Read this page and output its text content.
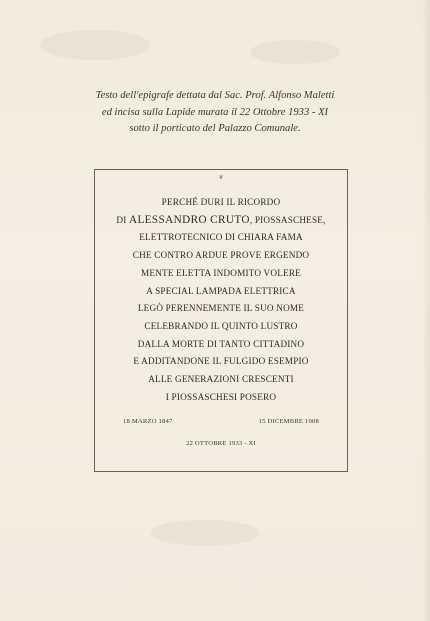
Testo dell'epigrafe dettata dal Sac. Prof. Alfonso Maletti
ed incisa sulla Lapide murata il 22 Ottobre 1933 - XI
sotto il porticato del Palazzo Comunale.
❦
PERCHÉ DURI IL RICORDO
DI ALESSANDRO CRUTO, PIOSSASCHESE,
ELETTROTECNICO DI CHIARA FAMA
CHE CONTRO ARDUE PROVE ERGENDO
MENTE ELETTA INDOMITO VOLERE
A SPECIAL LAMPADA ELETTRICA
LEGÒ PERENNEMENTE IL SUO NOME
CELEBRANDO IL QUINTO LUSTRO
DALLA MORTE DI TANTO CITTADINO
E ADDITANDONE IL FULGIDO ESEMPIO
ALLE GENERAZIONI CRESCENTI
I PIOSSASCHESI POSERO
18 MARZO 1847	15 DICEMBRE 1908
22 OTTOBRE 1933 - XI
